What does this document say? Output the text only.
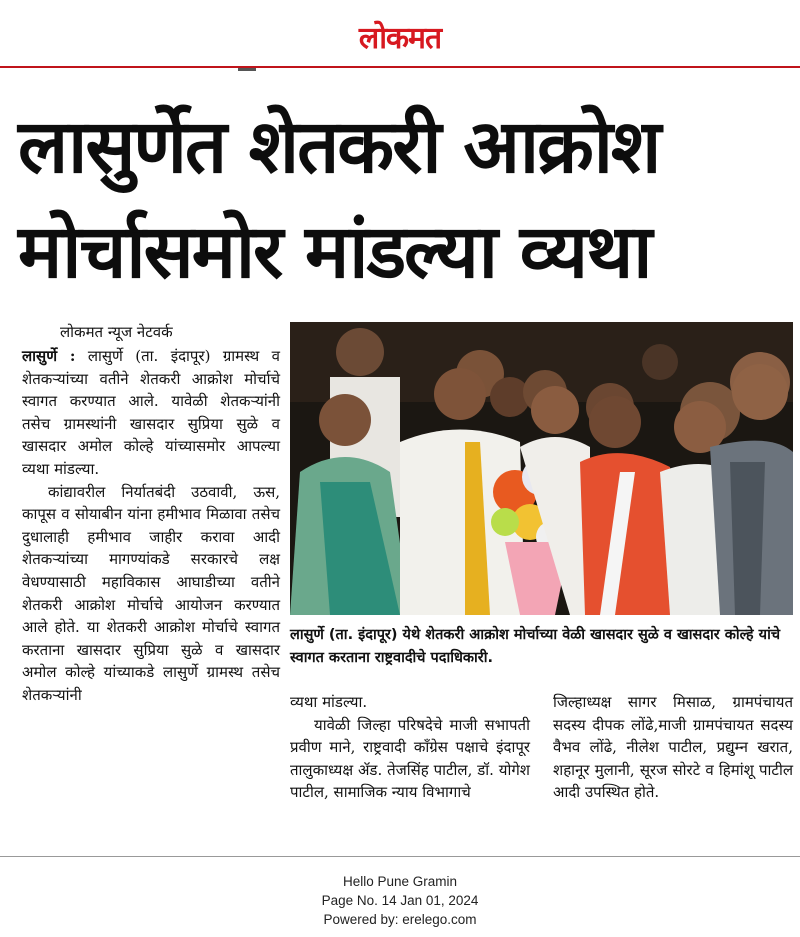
लोकमत
लासुर्णेत शेतकरी आक्रोश
मोर्चासमोर मांडल्या व्यथा
लोकमत न्यूज नेटवर्क

लासुर्णे : लासुर्णे (ता. इंदापूर) ग्रामस्थ व शेतकऱ्यांच्या वतीने शेतकरी आक्रोश मोर्चाचे स्वागत करण्यात आले. यावेळी शेतकऱ्यांनी तसेच ग्रामस्थांनी खासदार सुप्रिया सुळे व खासदार अमोल कोल्हे यांच्यासमोर आपल्या व्यथा मांडल्या.

कांद्यावरील निर्यातबंदी उठवावी, ऊस, कापूस व सोयाबीन यांना हमीभाव मिळावा तसेच दुधालाही हमीभाव जाहीर करावा आदी शेतकऱ्यांच्या मागण्यांकडे सरकारचे लक्ष वेधण्यासाठी महाविकास आघाडीच्या वतीने शेतकरी आक्रोश मोर्चाचे आयोजन करण्यात आले होते. या शेतकरी आक्रोश मोर्चाचे स्वागत करताना खासदार सुप्रिया सुळे व खासदार अमोल कोल्हे यांच्याकडे लासुर्णे ग्रामस्थ तसेच शेतकऱ्यांनी

लासुर्णे (ता. इंदापूर) येथे शेतकरी आक्रोश मोर्चाच्या वेळी खासदार सुळे व खासदार कोल्हे यांचे स्वागत करताना राष्ट्रवादीचे पदाधिकारी.

व्यथा मांडल्या.

यावेळी जिल्हा परिषदेचे माजी सभापती प्रवीण माने, राष्ट्रवादी काँग्रेस पक्षाचे इंदापूर तालुकाध्यक्ष ॲड. तेजसिंह पाटील, डॉ. योगेश पाटील, सामाजिक न्याय विभागाचे

जिल्हाध्यक्ष सागर मिसाळ, ग्रामपंचायत सदस्य दीपक लोंढे,माजी ग्रामपंचायत सदस्य वैभव लोंढे, नीलेश पाटील, प्रद्युम्न खरात, शहानूर मुलानी, सूरज सोरटे व हिमांशू पाटील आदी उपस्थित होते.

Hello Pune Gramin
Page No. 14 Jan 01, 2024
Powered by: erelego.com
